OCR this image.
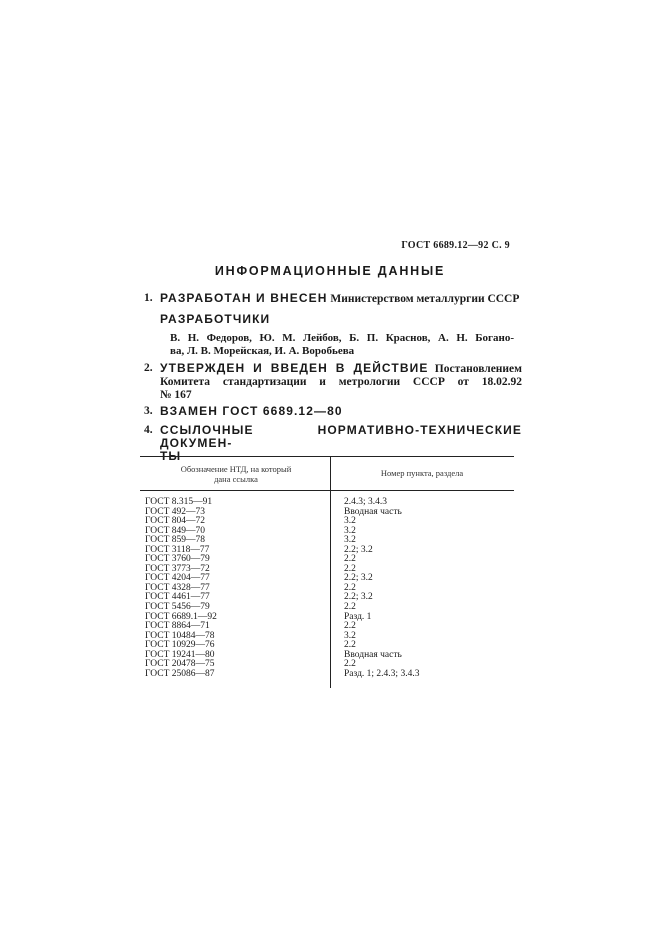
ГОСТ 6689.12—92 С. 9
ИНФОРМАЦИОННЫЕ ДАННЫЕ
1. РАЗРАБОТАН И ВНЕСЕН Министерством металлургии СССР
РАЗРАБОТЧИКИ
В. Н. Федоров, Ю. М. Лейбов, Б. П. Краснов, А. Н. Богано-
ва, Л. В. Морейская, И. А. Воробьева
2. УТВЕРЖДЕН И ВВЕДЕН В ДЕЙСТВИЕ Постановлением
Комитета стандартизации и метрологии СССР от 18.02.92
№ 167
3. ВЗАМЕН ГОСТ 6689.12—80
4. ССЫЛОЧНЫЕ НОРМАТИВНО-ТЕХНИЧЕСКИЕ ДОКУМЕН-
ТЫ
Обозначение НТД, на который
дана ссылка
Номер пункта, раздела
ГОСТ 8.315—91
ГОСТ 492—73
ГОСТ 804—72
ГОСТ 849—70
ГОСТ 859—78
ГОСТ 3118—77
ГОСТ 3760—79
ГОСТ 3773—72
ГОСТ 4204—77
ГОСТ 4328—77
ГОСТ 4461—77
ГОСТ 5456—79
ГОСТ 6689.1—92
ГОСТ 8864—71
ГОСТ 10484—78
ГОСТ 10929—76
ГОСТ 19241—80
ГОСТ 20478—75
ГОСТ 25086—87
2.4.3; 3.4.3
Вводная часть
3.2
3.2
3.2
2.2; 3.2
2.2
2.2
2.2; 3.2
2.2
2.2; 3.2
2.2
Разд. 1
2.2
3.2
2.2
Вводная часть
2.2
Разд. 1; 2.4.3; 3.4.3
